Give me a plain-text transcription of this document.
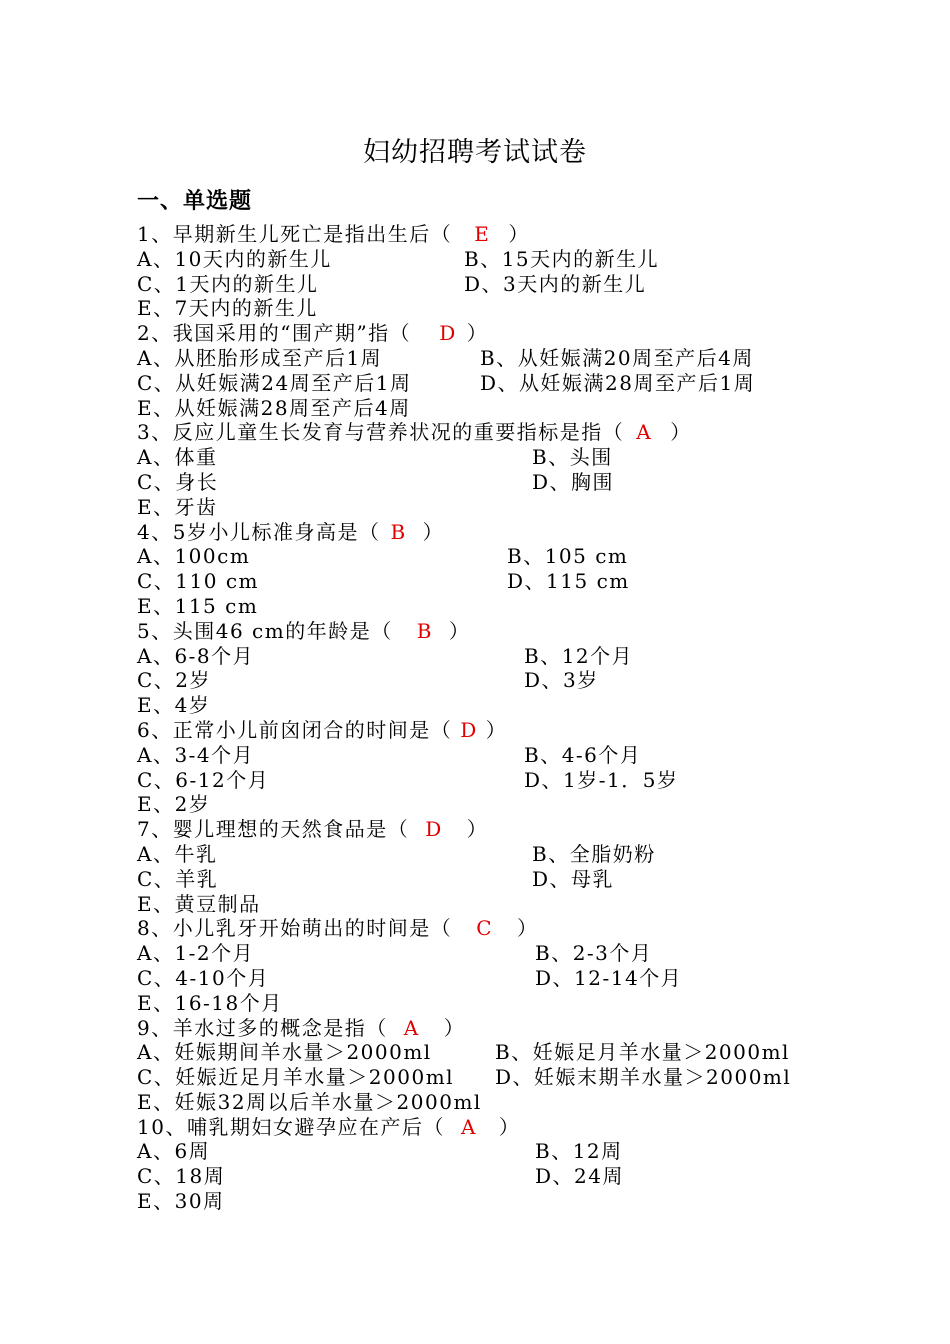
妇幼招聘考试试卷
一、单选题
1、早期新生儿死亡是指出生后（ E ）
A、10天内的新生儿	B、15天内的新生儿
C、1天内的新生儿	D、3天内的新生儿
E、7天内的新生儿
2、我国采用的“围产期”指（ D ）
A、从胚胎形成至产后1周	B、从妊娠满20周至产后4周
C、从妊娠满24周至产后1周	D、从妊娠满28周至产后1周
E、从妊娠满28周至产后4周
3、反应儿童生长发育与营养状况的重要指标是指（ A ）
A、体重	B、头围
C、身长	D、胸围
E、牙齿
4、5岁小儿标准身高是（ B ）
A、100cm	B、105 cm
C、110 cm	D、115 cm
E、115 cm
5、头围46 cm的年龄是（ B ）
A、6-8个月	B、12个月
C、2岁	D、3岁
E、4岁
6、正常小儿前囟闭合的时间是（ D ）
A、3-4个月	B、4-6个月
C、6-12个月	D、1岁-1．5岁
E、2岁
7、婴儿理想的天然食品是（ D ）
A、牛乳	B、全脂奶粉
C、羊乳	D、母乳
E、黄豆制品
8、小儿乳牙开始萌出的时间是（ C ）
A、1-2个月	B、2-3个月
C、4-10个月	D、12-14个月
E、16-18个月
9、羊水过多的概念是指（ A ）
A、妊娠期间羊水量＞2000ml	B、妊娠足月羊水量＞2000ml
C、妊娠近足月羊水量＞2000ml D、妊娠末期羊水量＞2000ml
E、妊娠32周以后羊水量＞2000ml
10、哺乳期妇女避孕应在产后（ A ）
A、6周	B、12周
C、18周	D、24周
E、30周
